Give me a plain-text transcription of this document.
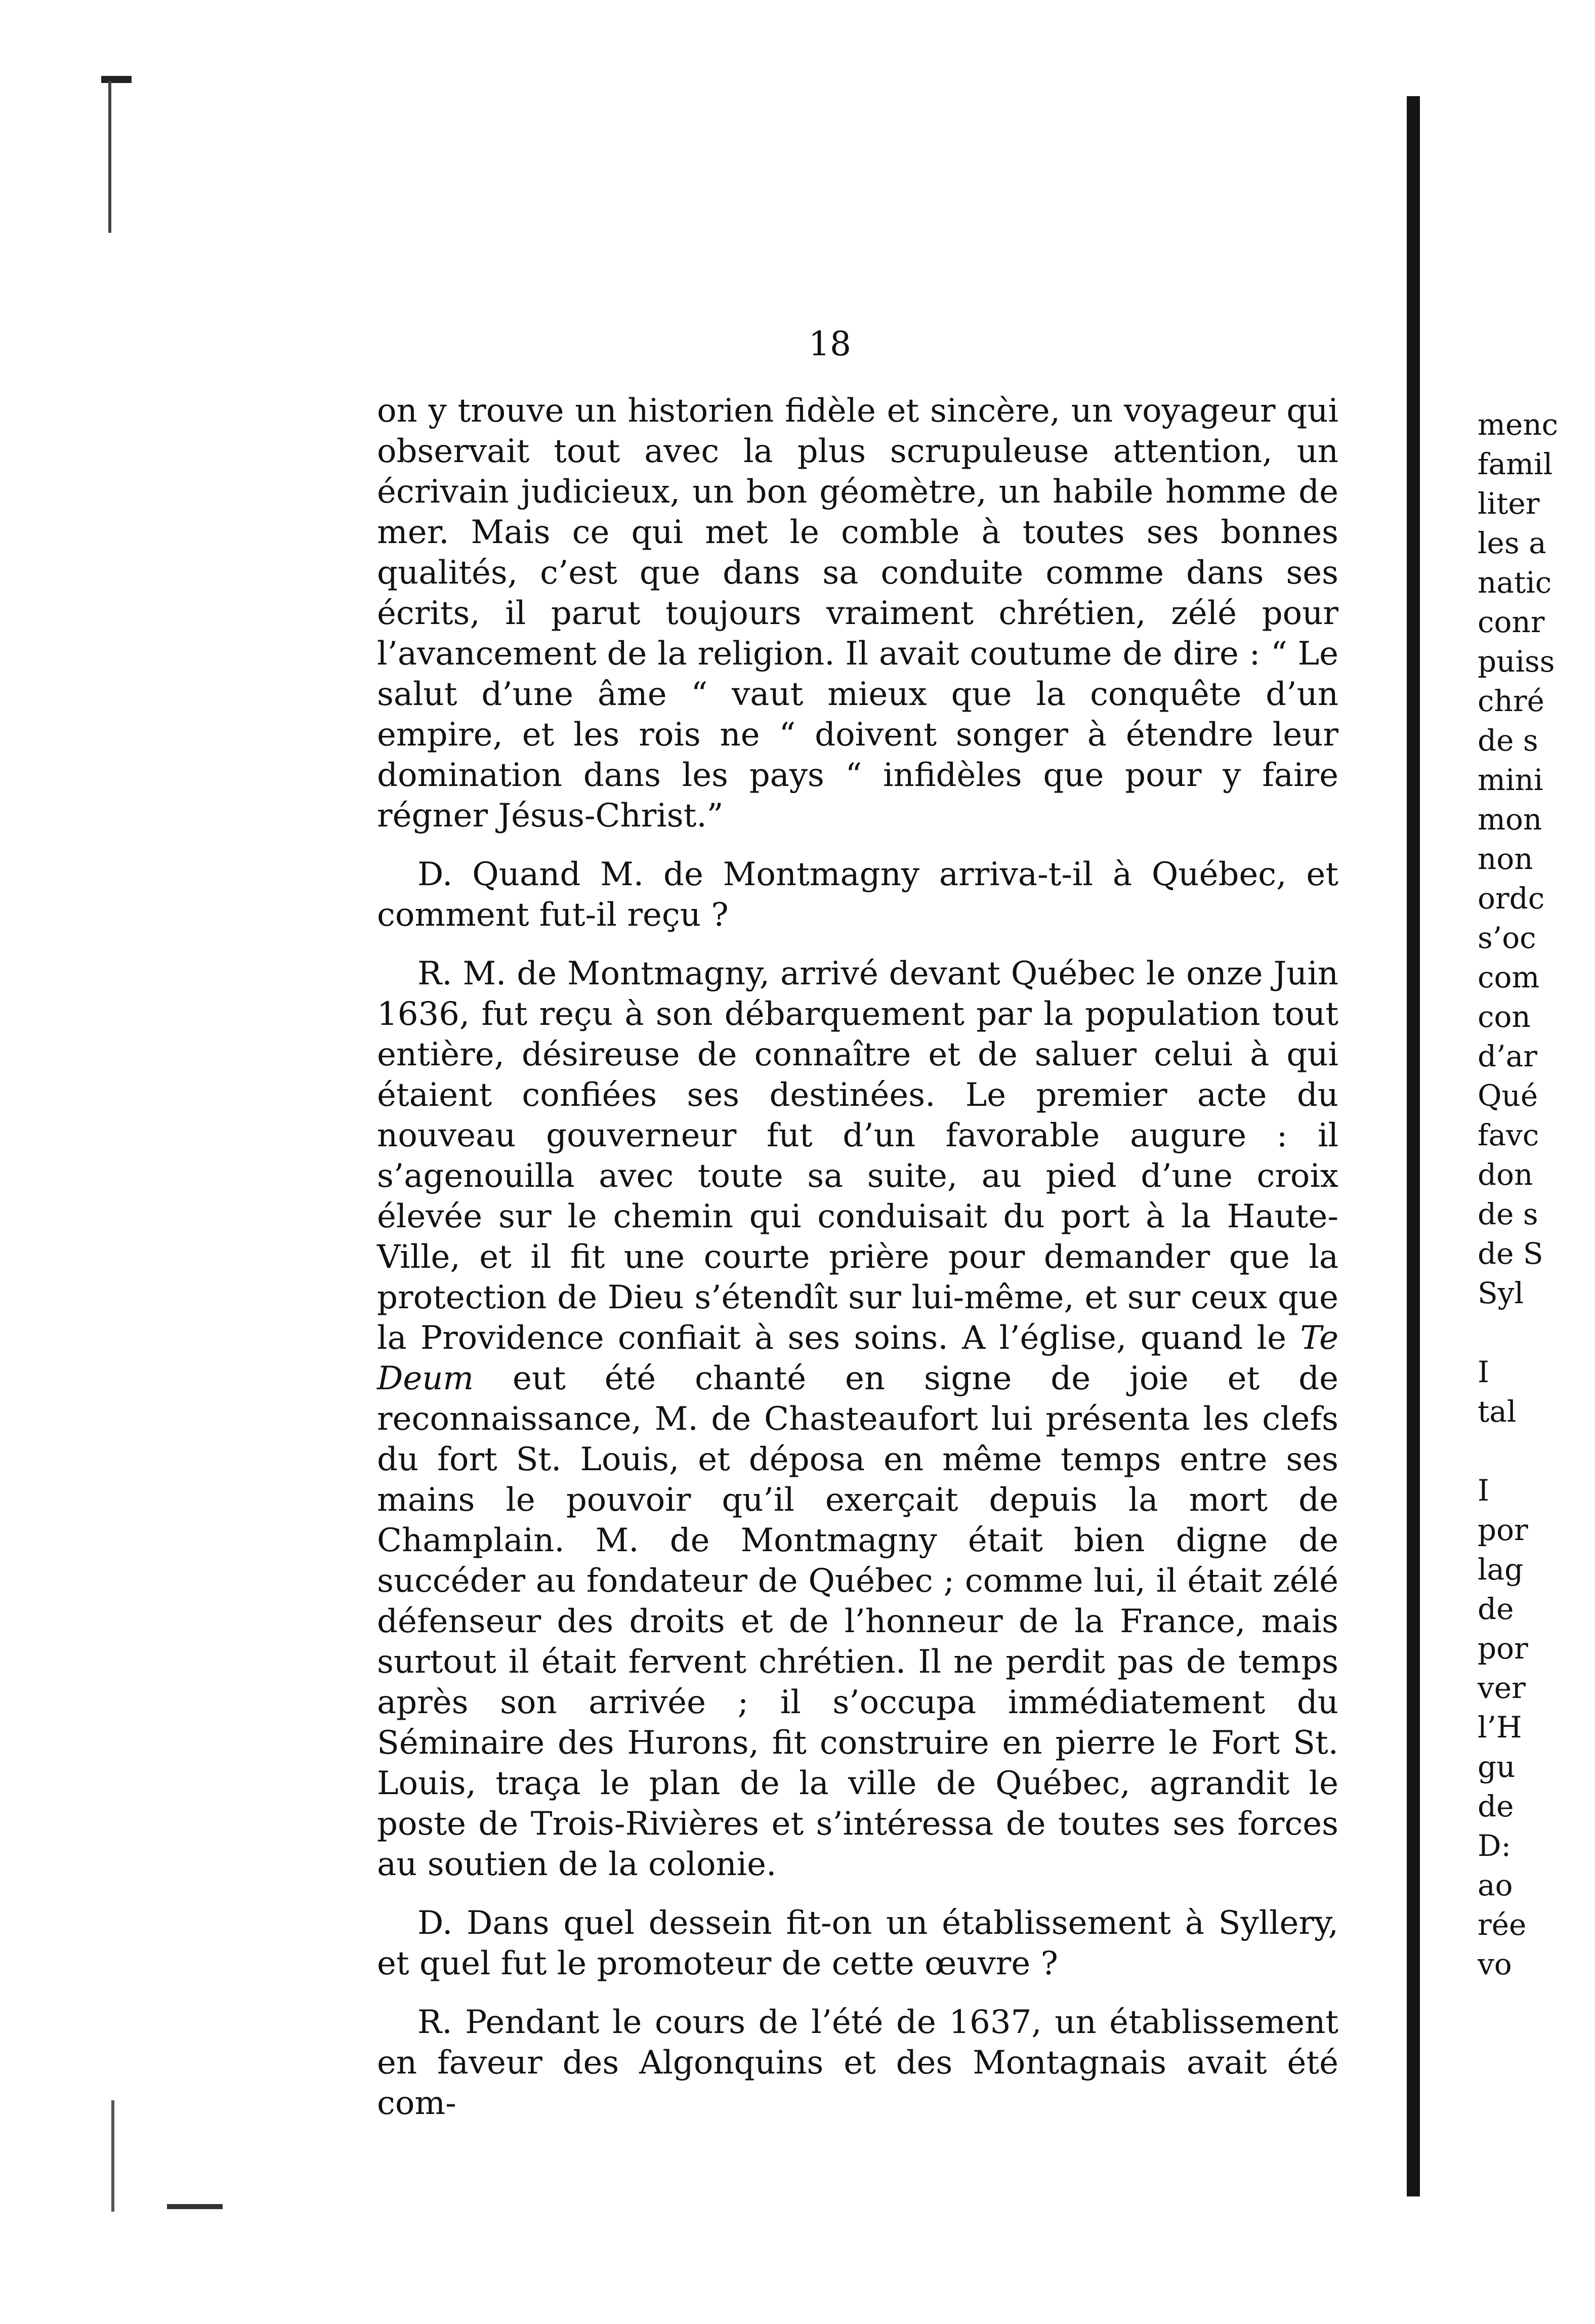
18

on y trouve un historien fidèle et sincère, un voyageur qui observait tout avec la plus scrupuleuse attention, un écrivain judicieux, un bon géomètre, un habile homme de mer. Mais ce qui met le comble à toutes ses bonnes qualités, c’est que dans sa conduite comme dans ses écrits, il parut toujours vraiment chrétien, zélé pour l’avancement de la religion. Il avait coutume de dire : “ Le salut d’une âme “ vaut mieux que la conquête d’un empire, et les rois ne “ doivent songer à étendre leur domination dans les pays “ infidèles que pour y faire régner Jésus-Christ.”

D. Quand M. de Montmagny arriva-t-il à Québec, et comment fut-il reçu ?

R. M. de Montmagny, arrivé devant Québec le onze Juin 1636, fut reçu à son débarquement par la population tout entière, désireuse de connaître et de saluer celui à qui étaient confiées ses destinées. Le premier acte du nouveau gouverneur fut d’un favorable augure : il s’agenouilla avec toute sa suite, au pied d’une croix élevée sur le chemin qui conduisait du port à la Haute-Ville, et il fit une courte prière pour demander que la protection de Dieu s’étendît sur lui-même, et sur ceux que la Providence confiait à ses soins. A l’église, quand le Te Deum eut été chanté en signe de joie et de reconnaissance, M. de Chasteaufort lui présenta les clefs du fort St. Louis, et déposa en même temps entre ses mains le pouvoir qu’il exerçait depuis la mort de Champlain. M. de Montmagny était bien digne de succéder au fondateur de Québec ; comme lui, il était zélé défenseur des droits et de l’honneur de la France, mais surtout il était fervent chrétien. Il ne perdit pas de temps après son arrivée ; il s’occupa immédiatement du Séminaire des Hurons, fit construire en pierre le Fort St. Louis, traça le plan de la ville de Québec, agrandit le poste de Trois-Rivières et s’intéressa de toutes ses forces au soutien de la colonie.

D. Dans quel dessein fit-on un établissement à Syllery, et quel fut le promoteur de cette œuvre ?

R. Pendant le cours de l’été de 1637, un établissement en faveur des Algonquins et des Montagnais avait été com-

menc
famil
liter
les a
natic
conr
puiss
chré
de s
mini
mon
non
ordc
s’oc
com
con
d’ar
Qué
favc
don
de s
de S
Syl
I
tal
I
por
lag
de
por
ver
l’H
gu
de
D:
ao
rée
vo
